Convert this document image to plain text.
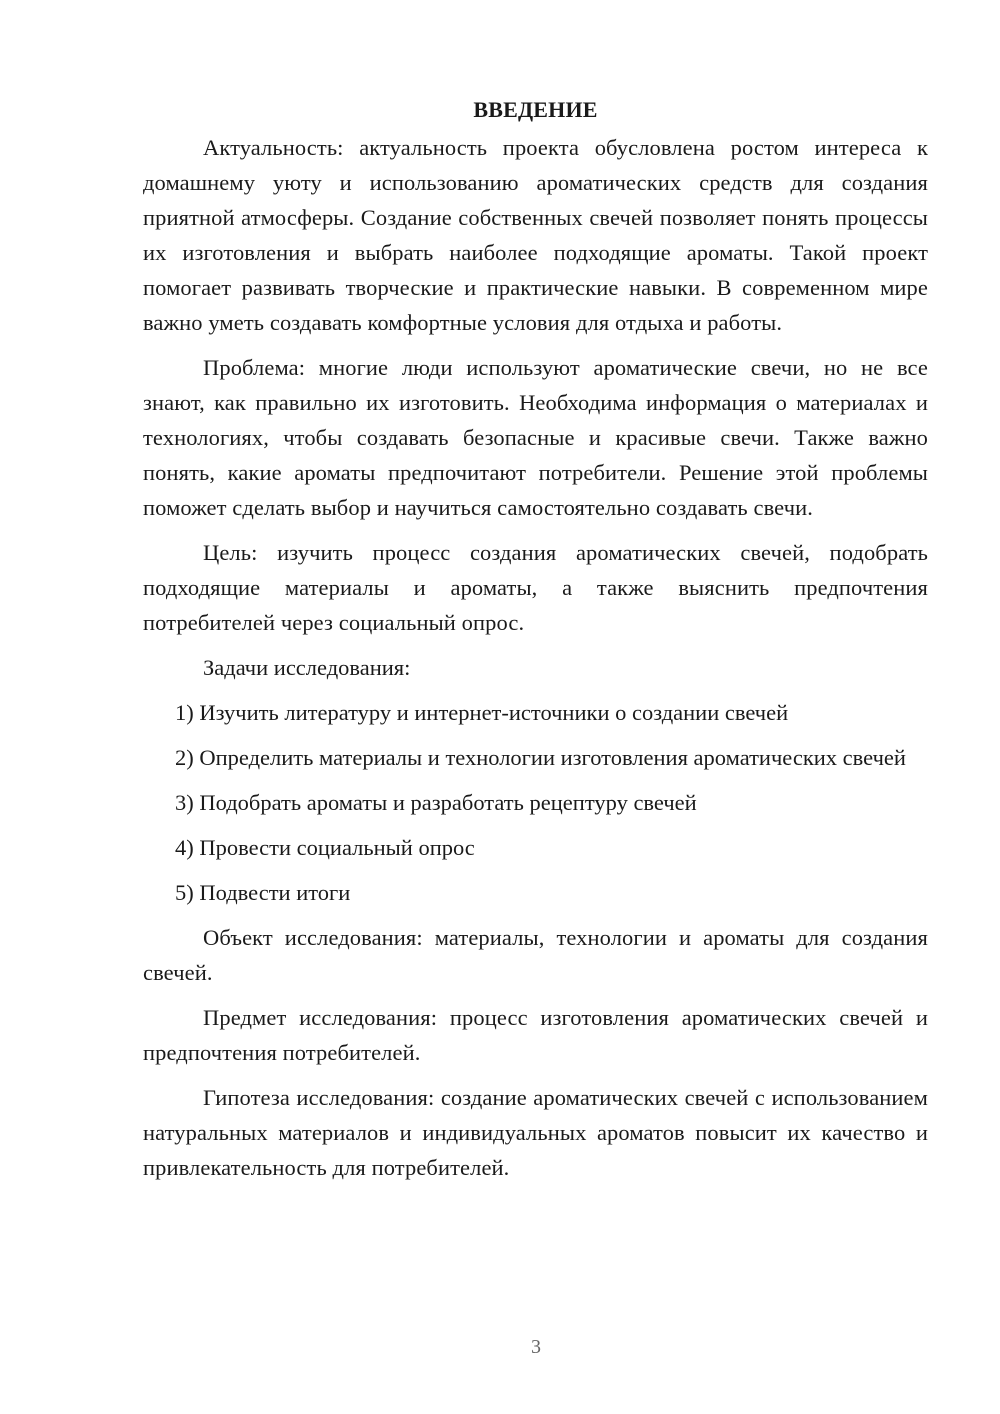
ВВЕДЕНИЕ

Актуальность: актуальность проекта обусловлена ростом интереса к домашнему уюту и использованию ароматических средств для создания приятной атмосферы. Создание собственных свечей позволяет понять процессы их изготовления и выбрать наиболее подходящие ароматы. Такой проект помогает развивать творческие и практические навыки. В современном мире важно уметь создавать комфортные условия для отдыха и работы.

Проблема: многие люди используют ароматические свечи, но не все знают, как правильно их изготовить. Необходима информация о материалах и технологиях, чтобы создавать безопасные и красивые свечи. Также важно понять, какие ароматы предпочитают потребители. Решение этой проблемы поможет сделать выбор и научиться самостоятельно создавать свечи.

Цель: изучить процесс создания ароматических свечей, подобрать подходящие материалы и ароматы, а также выяснить предпочтения потребителей через социальный опрос.

Задачи исследования:

1) Изучить литературу и интернет-источники о создании свечей

2) Определить материалы и технологии изготовления ароматических свечей

3) Подобрать ароматы и разработать рецептуру свечей

4) Провести социальный опрос

5) Подвести итоги

Объект исследования: материалы, технологии и ароматы для создания свечей.

Предмет исследования: процесс изготовления ароматических свечей и предпочтения потребителей.

Гипотеза исследования: создание ароматических свечей с использованием натуральных материалов и индивидуальных ароматов повысит их качество и привлекательность для потребителей.

3
